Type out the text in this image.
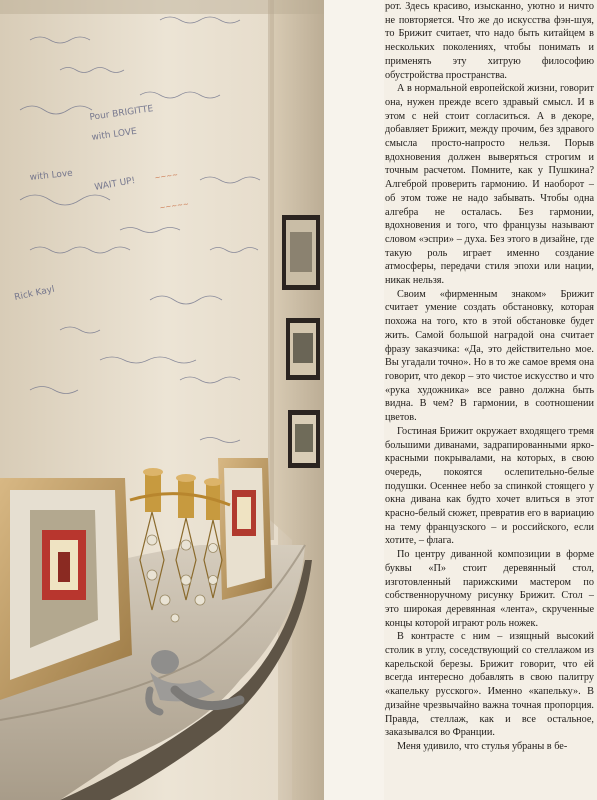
Pour BRIGITTE
with LOVE
WAIT UP!
with Love
Rick Kayl
~~~~
~~~~~

рот. Здесь красиво, изысканно, уютно и ничто не повторяется. Что же до искусства фэн-шуя, то Брижит считает, что надо быть китайцем в нескольких поколениях, чтобы понимать и применять эту хитрую философию обустройства пространства.

А в нормальной европейской жизни, говорит она, нужен прежде всего здравый смысл. И в этом с ней стоит согласиться. А в декоре, добавляет Брижит, между прочим, без здравого смысла просто-напросто нельзя. Порыв вдохновения должен выверяться строгим и точным расчетом. Помните, как у Пушкина? Алгеброй проверить гармонию. И наоборот – об этом тоже не надо забывать. Чтобы одна алгебра не осталась. Без гармонии, вдохновения и того, что французы называют словом «эспри» – духа. Без этого в дизайне, где такую роль играет именно создание атмосферы, передачи стиля эпохи или нации, никак нельзя.

Своим «фирменным знаком» Брижит считает умение создать обстановку, которая похожа на того, кто в этой обстановке будет жить. Самой большой наградой она считает фразу заказчика: «Да, это действительно мое. Вы угадали точно». Но в то же самое время она говорит, что декор – это чистое искусство и что «рука художника» все равно должна быть видна. В чем? В гармонии, в соотношении цветов.

Гостиная Брижит окружает входящего тремя большими диванами, задрапированными ярко-красными покрывалами, на которых, в свою очередь, покоятся ослепительно-белые подушки. Осеннее небо за спинкой стоящего у окна дивана как будто хочет влиться в этот красно-белый сюжет, превратив его в вариацию на тему французского – и российского, если хотите, – флага.

По центру диванной композиции в форме буквы «П» стоит деревянный стол, изготовленный парижскими мастером по собственноручному рисунку Брижит. Стол – это широкая деревянная «лента», скрученные концы которой играют роль ножек.

В контрасте с ним – изящный высокий столик в углу, соседствующий со стеллажом из карельской березы. Брижит говорит, что ей всегда интересно добавлять в свою палитру «капельку русского». Именно «капельку». В дизайне чрезвычайно важна точная пропорция. Правда, стеллаж, как и все остальное, заказывался во Франции.

Меня удивило, что стулья убраны в бе-
